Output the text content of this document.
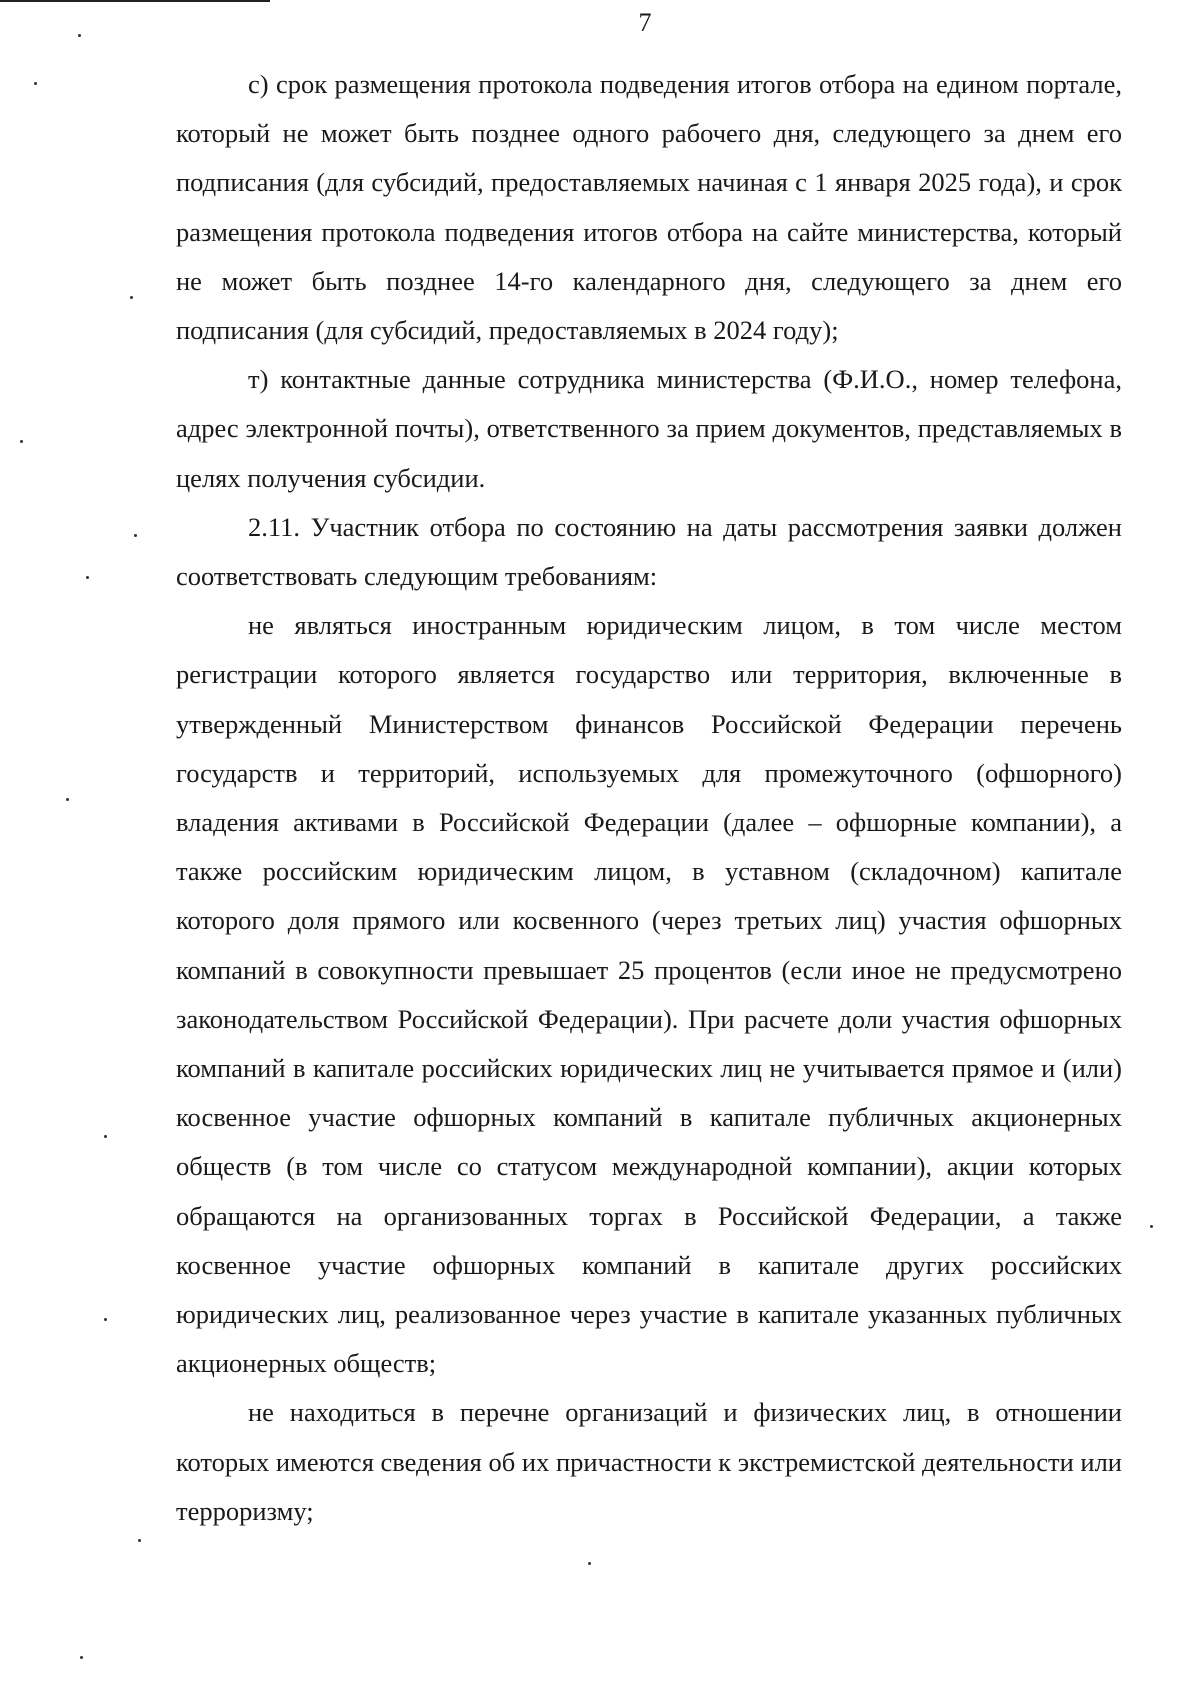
7

с) срок размещения протокола подведения итогов отбора на едином портале, который не может быть позднее одного рабочего дня, следующего за днем его подписания (для субсидий, предоставляемых начиная с 1 января 2025 года), и срок размещения протокола подведения итогов отбора на сайте министерства, который не может быть позднее 14-го календарного дня, следующего за днем его подписания (для субсидий, предоставляемых в 2024 году);

т) контактные данные сотрудника министерства (Ф.И.О., номер телефона, адрес электронной почты), ответственного за прием документов, представляемых в целях получения субсидии.

2.11. Участник отбора по состоянию на даты рассмотрения заявки должен соответствовать следующим требованиям:

не являться иностранным юридическим лицом, в том числе местом регистрации которого является государство или территория, включенные в утвержденный Министерством финансов Российской Федерации перечень государств и территорий, используемых для промежуточного (офшорного) владения активами в Российской Федерации (далее – офшорные компании), а также российским юридическим лицом, в уставном (складочном) капитале которого доля прямого или косвенного (через третьих лиц) участия офшорных компаний в совокупности превышает 25 процентов (если иное не предусмотрено законодательством Российской Федерации). При расчете доли участия офшорных компаний в капитале российских юридических лиц не учитывается прямое и (или) косвенное участие офшорных компаний в капитале публичных акционерных обществ (в том числе со статусом международной компании), акции которых обращаются на организованных торгах в Российской Федерации, а также косвенное участие офшорных компаний в капитале других российских юридических лиц, реализованное через участие в капитале указанных публичных акционерных обществ;

не находиться в перечне организаций и физических лиц, в отношении которых имеются сведения об их причастности к экстремистской деятельности или терроризму;
